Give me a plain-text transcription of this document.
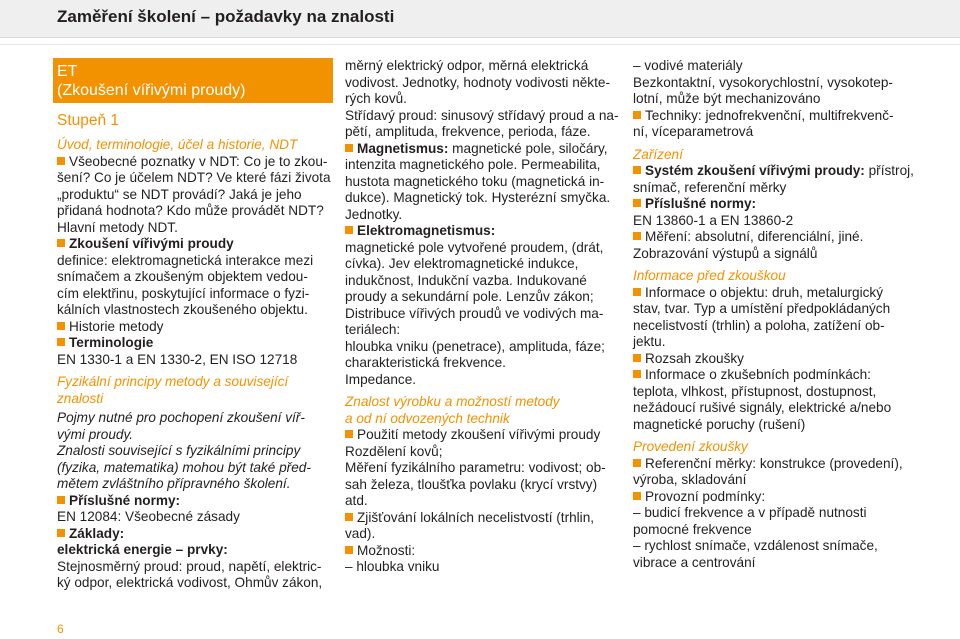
Zaměření školení – požadavky na znalosti
ET
(Zkoušení vířivými proudy)
Stupeň 1
Úvod, terminologie, účel a historie, NDT
Všeobecné poznatky v NDT: Co je to zkou-
šení? Co je účelem NDT? Ve které fázi života
„produktu“ se NDT provádí? Jaká je jeho
přidaná hodnota? Kdo může provádět NDT?
Hlavní metody NDT.
Zkoušení vířivými proudy
definice: elektromagnetická interakce mezi
snímačem a zkoušeným objektem vedou-
cím elektřinu, poskytující informace o fyzi-
kálních vlastnostech zkoušeného objektu.
Historie metody
Terminologie
EN 1330-1 a EN 1330-2, EN ISO 12718
Fyzikální principy metody a související
znalosti
Pojmy nutné pro pochopení zkoušení víř-
vými proudy.
Znalosti související s fyzikálními principy
(fyzika, matematika) mohou být také před-
mětem zvláštního přípravného školení.
Příslušné normy:
EN 12084: Všeobecné zásady
Základy:
elektrická energie – prvky:
Stejnosměrný proud: proud, napětí, elektric-
ký odpor, elektrická vodivost, Ohmův zákon,
měrný elektrický odpor, měrná elektrická
vodivost. Jednotky, hodnoty vodivosti někte-
rých kovů.
Střídavý proud: sinusový střídavý proud a na-
pětí, amplituda, frekvence, perioda, fáze.
Magnetismus: magnetické pole, siločáry,
intenzita magnetického pole. Permeabilita,
hustota magnetického toku (magnetická in-
dukce). Magnetický tok. Hysterézní smyčka.
Jednotky.
Elektromagnetismus:
magnetické pole vytvořené proudem, (drát,
cívka). Jev elektromagnetické indukce,
indukčnost, Indukční vazba. Indukované
proudy a sekundární pole. Lenzův zákon;
Distribuce vířivých proudů ve vodivých ma-
teriálech:
hloubka vniku (penetrace), amplituda, fáze;
charakteristická frekvence.
Impedance.
Znalost výrobku a možností metody
a od ní odvozených technik
Použití metody zkoušení vířivými proudy
Rozdělení kovů;
Měření fyzikálního parametru: vodivost; ob-
sah železa, tloušťka povlaku (krycí vrstvy)
atd.
Zjišťování lokálních necelistvostí (trhlin,
vad).
Možnosti:
– hloubka vniku
– vodivé materiály
Bezkontaktní, vysokorychlostní, vysokotep-
lotní, může být mechanizováno
Techniky: jednofrekvenční, multifrekvenč-
ní, víceparametrová
Zařízení
Systém zkoušení vířivými proudy: přístroj,
snímač, referenční měrky
Příslušné normy:
EN 13860-1 a EN 13860-2
Měření: absolutní, diferenciální, jiné.
Zobrazování výstupů a signálů
Informace před zkouškou
Informace o objektu: druh, metalurgický
stav, tvar. Typ a umístění předpokládaných
necelistvostí (trhlin) a poloha, zatížení ob-
jektu.
Rozsah zkoušky
Informace o zkušebních podmínkách:
teplota, vlhkost, přístupnost, dostupnost,
nežádoucí rušivé signály, elektrické a/nebo
magnetické poruchy (rušení)
Provedení zkoušky
Referenční měrky: konstrukce (provedení),
výroba, skladování
Provozní podmínky:
– budicí frekvence a v případě nutnosti
pomocné frekvence
– rychlost snímače, vzdálenost snímače,
vibrace a centrování
6
